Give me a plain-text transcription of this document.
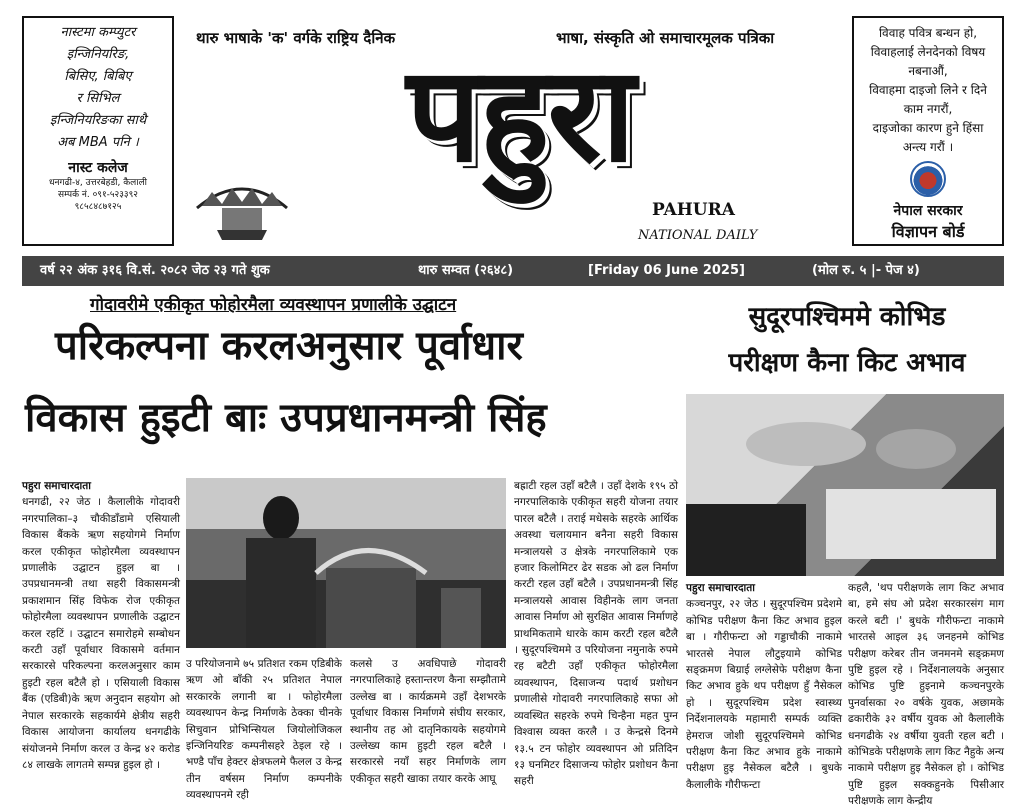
नास्टमा कम्प्युटर
इन्जिनियरिङ,
बिसिए, बिबिए
र सिभिल
इन्जिनियरिङका साथै
अब MBA पनि ।
नास्ट कलेज
धनगढी-४, उत्तरबेहडी, कैलाली
सम्पर्क नं. ०९१-५२३३९२
९८५८४८७१२५
विवाह पवित्र बन्धन हो,
विवाहलाई लेनदेनको विषय
नबनाऔं,
विवाहमा दाइजो लिने र दिने
काम नगरौं,
दाइजोका कारण हुने हिंसा
अन्त्य गरौं ।
नेपाल सरकार
विज्ञापन बोर्ड
थारु भाषाके 'क' वर्गके राष्ट्रिय दैनिक	भाषा, संस्कृति ओ समाचारमूलक पत्रिका
पहुरा
PAHURA
NATIONAL DAILY
वर्ष २२ अंक ३१६ वि.सं. २०८२ जेठ २३ गते शुक	थारु सम्वत (२६४८)	[Friday 06 June 2025]	(मोल रु. ५ |- पेज ४)
गोदावरीमे एकीकृत फोहोरमैला व्यवस्थापन प्रणालीके उद्घाटन
परिकल्पना करलअनुसार पूर्वाधार
विकास हुइटी बाः उपप्रधानमन्त्री सिंह
सुदूरपश्चिममे कोभिड
परीक्षण कैना किट अभाव
पहुरा समाचारदाता
धनगढी, २२ जेठ । कैलालीके गोदावरी नगरपालिका–३ चौकीडाँडामे एसियाली विकास बैंकके ऋण सहयोगमे निर्माण करल एकीकृत फोहोरमैला व्यवस्थापन प्रणालीके उद्घाटन हुइल बा । उपप्रधानमन्त्री तथा सहरी विकासमन्त्री प्रकाशमान सिंह विफेक रोज एकीकृत फोहोरमैला व्यवस्थापन प्रणालीके उद्घाटन करल रहटिं । उद्घाटन समारोहमे सम्बोधन करटी उहाँ पूर्वाधार विकासमे वर्तमान सरकारसे परिकल्पना करलअनुसार काम हुइटी रहल बटैलै हो । एसियाली विकास बैंक (एडिबी)के ऋण अनुदान सहयोग ओ नेपाल सरकारके सहकार्यमे क्षेत्रीय सहरी विकास आयोजना कार्यालय धनगढीके संयोजनमे निर्माण करल उ केन्द्र ४२ करोड ८४ लाखके लागतमे सम्पन्न हुइल हो ।
उ परियोजनामे ७५ प्रतिशत रकम एडिबीके ऋण ओ बाँकी २५ प्रतिशत नेपाल सरकारके लगानी बा । फोहोरमैला व्यवस्थापन केन्द्र निर्माणके ठेक्का चीनके सिचुवान प्रोभिन्सियल जियोलोजिकल इन्जिनियरिङ कम्पनीसहरे ठेइल रहे । भण्डै पाँच हेक्टर क्षेत्रफलमे फैलल उ केन्द्र तीन वर्षसम निर्माण कम्पनीके व्यवस्थापनमे रही
कलसे उ अवधिपाछे गोदावरी नगरपालिकाहे हस्तान्तरण कैना सम्झौतामे उल्लेख बा । कार्यक्रममे उहाँ देशभरके पूर्वाधार विकास निर्माणमे संघीय सरकार, स्थानीय तह ओ दातृनिकायके सहयोगमे उल्लेख्य काम हुइटी रहल बटैलै । सरकारसे नयाँ सहर निर्माणके लाग एकीकृत सहरी खाका तयार करके आघू
बह्राटी रहल उहाँ बटैलै । उहाँ देशके १९५ ठो नगरपालिकाके एकीकृत सहरी योजना तयार पारल बटैलै । तराई मधेसके सहरके आर्थिक अवस्था चलायमान बनैना सहरी विकास मन्त्रालयसे उ क्षेत्रके नगरपालिकामे एक हजार किलोमिटर ढेर सडक ओ ढल निर्माण करटी रहल उहाँ बटैलै । उपप्रधानमन्त्री सिंह मन्त्रालयसे आवास विहीनके लाग जनता आवास निर्माण ओ सुरक्षित आवास निर्माणहे प्राथमिकतामे धारके काम करटी रहल बटैलै । सुदूरपश्चिममे उ परियोजना नमुनाके रुपमे रह बटैटी उहाँ एकीकृत फोहोरमैला व्यवस्थापन, दिसाजन्य पदार्थ प्रशोधन प्रणालीसे गोदावरी नगरपालिकाहे सफा ओ व्यवस्थित सहरके रुपमे चिन्हैना महत पुग्न विश्वास व्यक्त करलै । उ केन्द्रसे दिनमे १३.५ टन फोहोर व्यवस्थापन ओ प्रतिदिन १३ घनमिटर दिसाजन्य फोहोर प्रशोधन कैना सहरी
पहुरा समाचारदाता
कञ्चनपुर, २२ जेठ । सुदूरपश्चिम प्रदेशमे कोभिड परीक्षण कैना किट अभाव हुइल बा । गौरीफन्टा ओ गड्डाचौकी नाकामे भारतसे नेपाल लौटुइयामे कोभिड सङ्क्रमण बिग्राई लग्लेसेफे परीक्षण कैना किट अभाव हुके थप परीक्षण हुँ नैसेकल हो । सुदूरपश्चिम प्रदेश स्वास्थ्य निर्देशनालयके महामारी सम्पर्क व्यक्ति हेमराज जोशी सुदूरपश्चिममे कोभिड परीक्षण कैना किट अभाव हुके नाकामे परीक्षण हुइ नैसेकल बटैलै । बुधके कैलालीके गौरीफन्टा
कहलै, 'थप परीक्षणके लाग किट अभाव बा, हमे संघ ओ प्रदेश सरकारसंग माग करले बटी ।' बुधके गौरीफन्टा नाकामे भारतसे आइल ३६ जनहनमे कोभिड परीक्षण करेबर तीन जनमनमे सङ्क्रमण पुष्टि हुइल रहे । निर्देशनालयके अनुसार कोभिड पुष्टि हुइनामे कञ्चनपुरके पुनर्वासका २० वर्षके युवक, अछामके ढकारीके ३२ वर्षीय युवक ओ कैलालीके धनगढीके २४ वर्षीया युवती रहल बटी । कोभिडके परीक्षणके लाग किट नैहुके अन्य नाकामे परीक्षण हुइ नैसेकल हो । कोभिड पुष्टि हुइल सक्कहुनके पिसीआर परीक्षणके लाग केन्द्रीय
